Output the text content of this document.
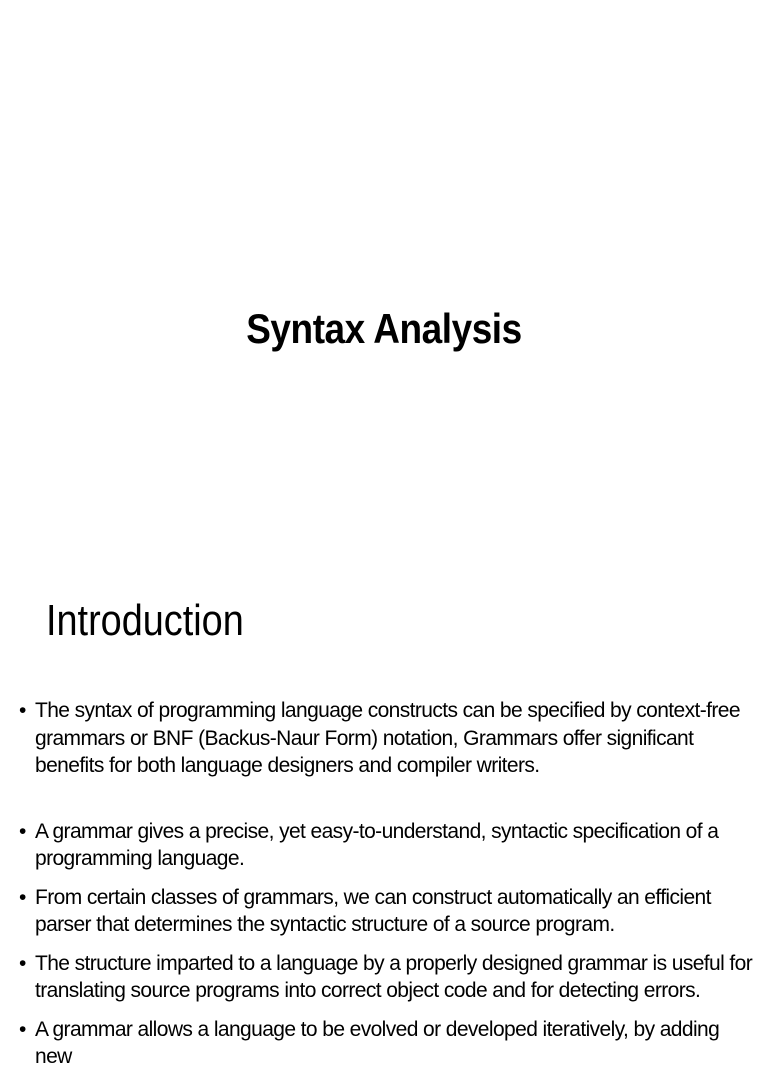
Syntax Analysis
Introduction
• The syntax of programming language constructs can be specified by context-free grammars or BNF (Backus-Naur Form) notation, Grammars offer significant benefits for both language designers and compiler writers.
• A grammar gives a precise, yet easy-to-understand, syntactic specification of a programming language.
• From certain classes of grammars, we can construct automatically an efficient parser that determines the syntactic structure of a source program.
• The structure imparted to a language by a properly designed grammar is useful for translating source programs into correct object code and for detecting errors.
• A grammar allows a language to be evolved or developed iteratively, by adding new
